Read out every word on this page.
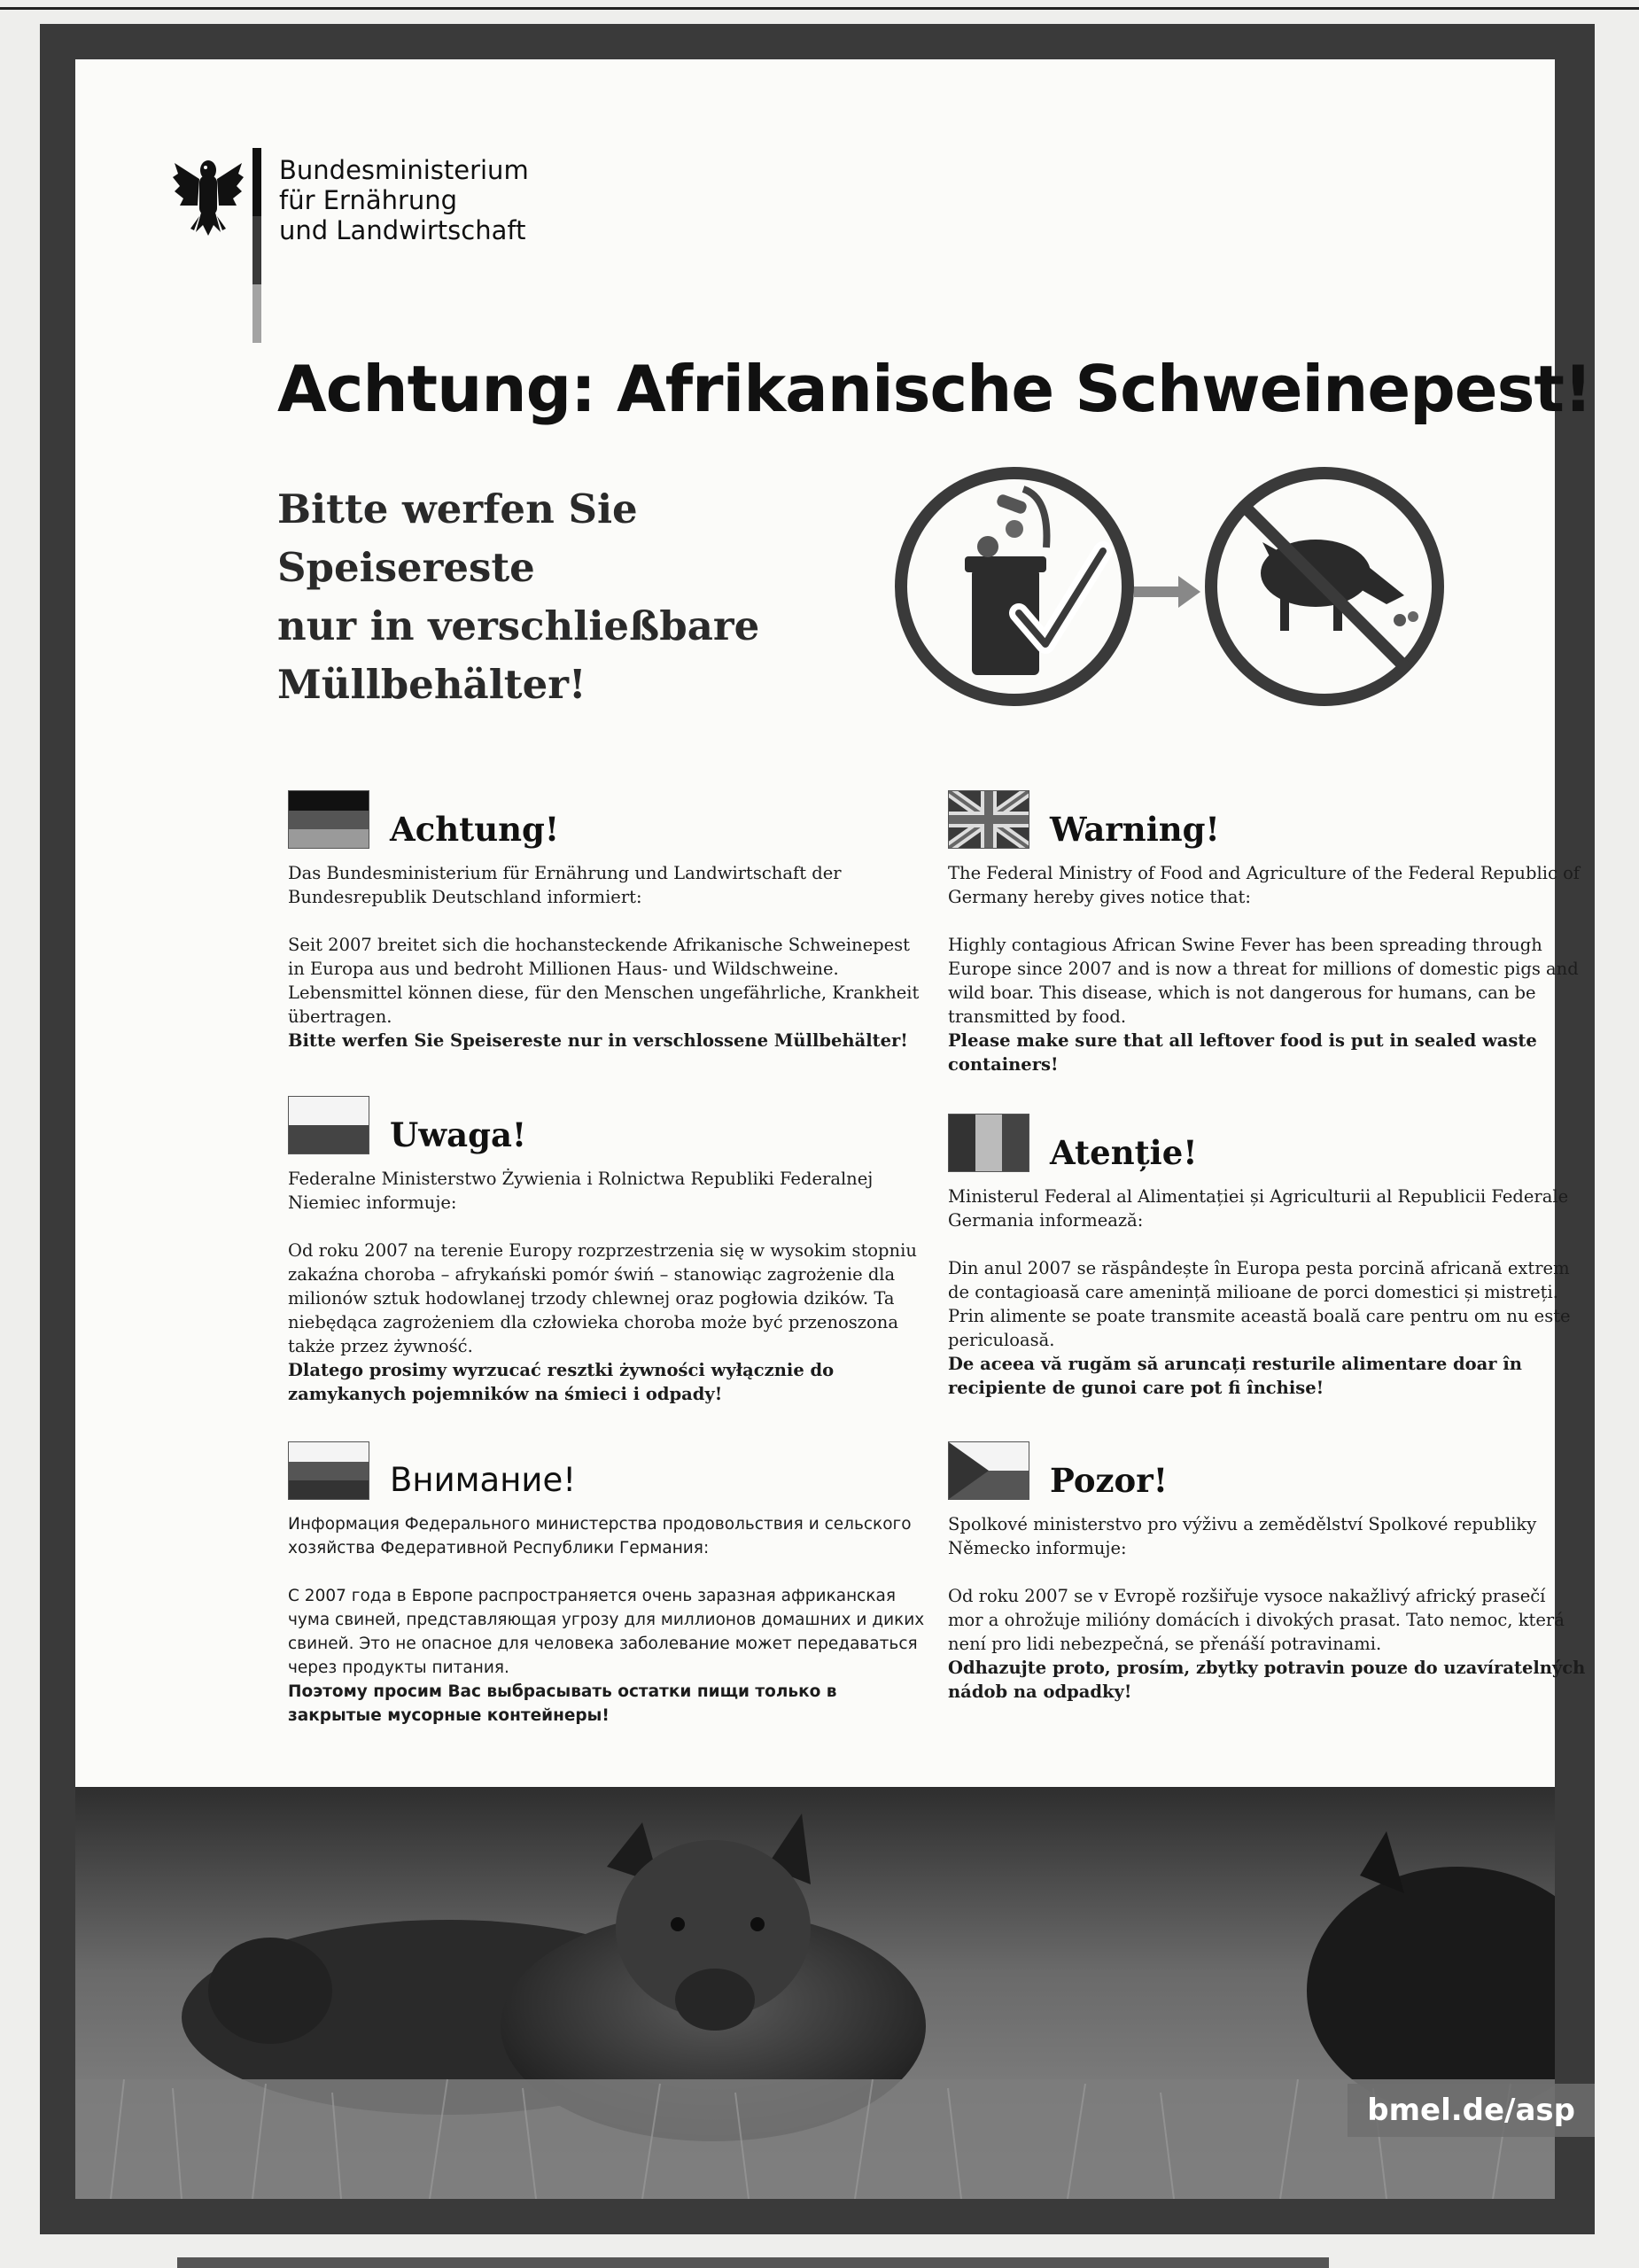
Bundesministerium
für Ernährung
und Landwirtschaft
Achtung: Afrikanische Schweinepest!
Bitte werfen Sie
Speisereste
nur in verschließbare
Müllbehälter!
Achtung!

Das Bundesministerium für Ernährung und Landwirtschaft der Bundesrepublik Deutschland informiert:

Seit 2007 breitet sich die hochansteckende Afrikanische Schweinepest in Europa aus und bedroht Millionen Haus- und Wildschweine. Lebensmittel können diese, für den Menschen ungefährliche, Krankheit übertragen.

Bitte werfen Sie Speisereste nur in verschlossene Müllbehälter!

Warning!

The Federal Ministry of Food and Agriculture of the Federal Republic of Germany hereby gives notice that:

Highly contagious African Swine Fever has been spreading through Europe since 2007 and is now a threat for millions of domestic pigs and wild boar. This disease, which is not dangerous for humans, can be transmitted by food.

Please make sure that all leftover food is put in sealed waste containers!

Uwaga!

Federalne Ministerstwo Żywienia i Rolnictwa Republiki Federalnej Niemiec informuje:

Od roku 2007 na terenie Europy rozprzestrzenia się w wysokim stopniu zakaźna choroba – afrykański pomór świń – stanowiąc zagrożenie dla milionów sztuk hodowlanej trzody chlewnej oraz pogłowia dzików. Ta niebędąca zagrożeniem dla człowieka choroba może być przenoszona także przez żywność.

Dlatego prosimy wyrzucać resztki żywności wyłącznie do zamykanych pojemników na śmieci i odpady!

Atenție!

Ministerul Federal al Alimentației și Agriculturii al Republicii Federale Germania informează:

Din anul 2007 se răspândește în Europa pesta porcină africană extrem de contagioasă care amenință milioane de porci domestici și mistreți. Prin alimente se poate transmite această boală care pentru om nu este periculoasă.

De aceea vă rugăm să aruncați resturile alimentare doar în recipiente de gunoi care pot fi închise!

Внимание!

Информация Федерального министерства продовольствия и сельского хозяйства Федеративной Республики Германия:

С 2007 года в Европе распространяется очень заразная африканская чума свиней, представляющая угрозу для миллионов домашних и диких свиней. Это не опасное для человека заболевание может передаваться через продукты питания.

Поэтому просим Вас выбрасывать остатки пищи только в закрытые мусорные контейнеры!

Pozor!

Spolkové ministerstvo pro výživu a zemědělství Spolkové republiky Německo informuje:

Od roku 2007 se v Evropě rozšiřuje vysoce nakažlivý africký prasečí mor a ohrožuje milióny domácích i divokých prasat. Tato nemoc, která není pro lidi nebezpečná, se přenáší potravinami.

Odhazujte proto, prosím, zbytky potravin pouze do uzavíratelných nádob na odpadky!

bmel.de/asp
